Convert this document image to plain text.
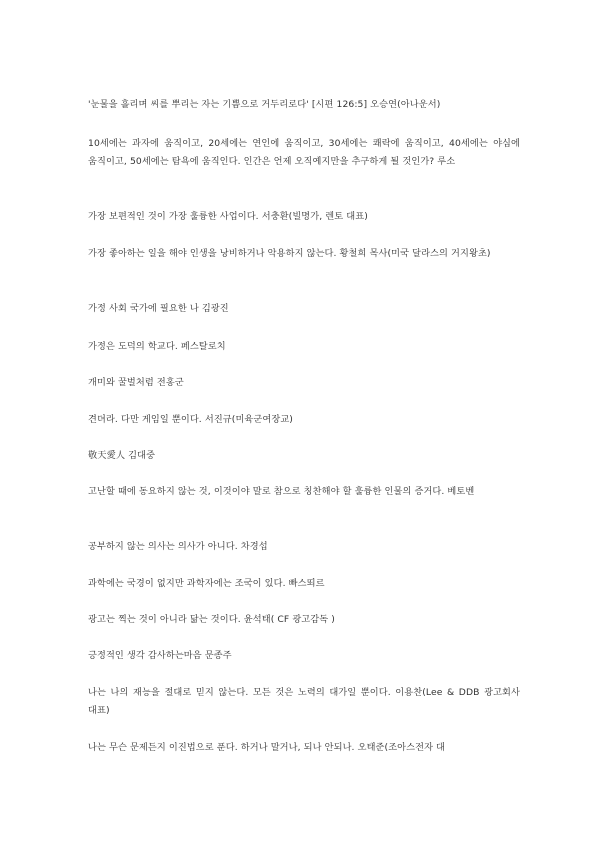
'눈물을 흘리며 씨를 뿌리는 자는 기쁨으로 거두리로다' [시편 126:5] 오승연(아나운서)

10세에는 과자에 움직이고, 20세에는 연인에 움직이고, 30세에는 쾌락에 움직이고, 40세에는 야심에 움직이고, 50세에는 탐욕에 움직인다. 인간은 언제 오직예지만을 추구하게 될 것인가? 루소

가장 보편적인 것이 가장 훌륭한 사업이다. 서충환(빌명가, 렌토 대표)

가장 좋아하는 일을 해야 인생을 낭비하거나 악용하지 않는다. 황철희 목사(미국 달라스의 거지왕초)

가정 사회 국가에 필요한 나 김광진

가정은 도덕의 학교다. 페스탈로치

개미와 꿀벌처럼 전홍군

견뎌라. 다만 게임일 뿐이다. 서진규(미육군여장교)

敬天愛人 김대중

고난할 때에 동요하지 않는 것, 이것이야 말로 참으로 칭찬해야 할 훌륭한 인물의 증거다. 베토벤

공부하지 않는 의사는 의사가 아니다. 차경섭

과학에는 국경이 없지만 과학자에는 조국이 있다. 빠스뙤르

광고는 찍는 것이 아니라 닮는 것이다. 윤석태( CF 광고감독 )

긍정적인 생각 감사하는마음 문종주

나는 나의 재능을 절대로 믿지 않는다. 모든 것은 노력의 대가일 뿐이다. 이용찬(Lee & DDB 광고회사 대표)

나는 무슨 문제든지 이진법으로 푼다. 하거나 말거나, 되나 안되나. 오태준(조아스전자 대
